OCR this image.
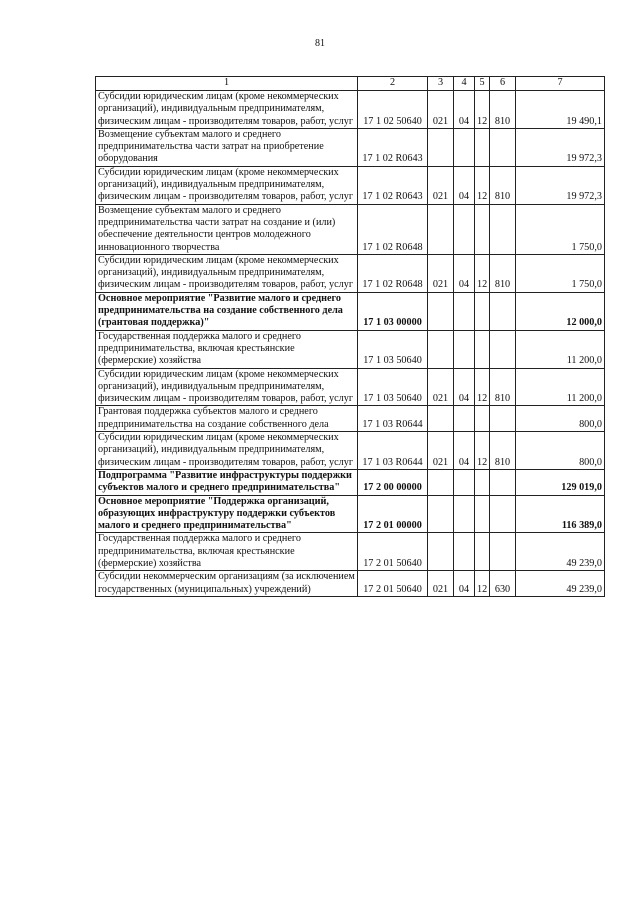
81
1	2	3	4	5	6	7
Субсидии юридическим лицам (кроме некоммерческих организаций), индивидуальным предпринимателям, физическим лицам - производителям товаров, работ, услуг	17 1 02 50640	021	04	12	810	19 490,1
Возмещение субъектам малого и среднего предпринимательства части затрат на приобретение оборудования	17 1 02 R0643					19 972,3
Субсидии юридическим лицам (кроме некоммерческих организаций), индивидуальным предпринимателям, физическим лицам - производителям товаров, работ, услуг	17 1 02 R0643	021	04	12	810	19 972,3
Возмещение субъектам малого и среднего предпринимательства части затрат на создание и (или) обеспечение деятельности центров молодежного инновационного творчества	17 1 02 R0648					1 750,0
Субсидии юридическим лицам (кроме некоммерческих организаций), индивидуальным предпринимателям, физическим лицам - производителям товаров, работ, услуг	17 1 02 R0648	021	04	12	810	1 750,0
Основное мероприятие "Развитие малого и среднего предпринимательства на создание собственного дела (грантовая поддержка)"	17 1 03 00000					12 000,0
Государственная поддержка малого и среднего предпринимательства, включая крестьянские (фермерские) хозяйства	17 1 03 50640					11 200,0
Субсидии юридическим лицам (кроме некоммерческих организаций), индивидуальным предпринимателям, физическим лицам - производителям товаров, работ, услуг	17 1 03 50640	021	04	12	810	11 200,0
Грантовая поддержка субъектов малого и среднего предпринимательства на создание собственного дела	17 1 03 R0644					800,0
Субсидии юридическим лицам (кроме некоммерческих организаций), индивидуальным предпринимателям, физическим лицам - производителям товаров, работ, услуг	17 1 03 R0644	021	04	12	810	800,0
Подпрограмма "Развитие инфраструктуры поддержки субъектов малого и среднего предпринимательства"	17 2 00 00000					129 019,0
Основное мероприятие "Поддержка организаций, образующих инфраструктуру поддержки субъектов малого и среднего предпринимательства"	17 2 01 00000					116 389,0
Государственная поддержка малого и среднего предпринимательства, включая крестьянские (фермерские) хозяйства	17 2 01 50640					49 239,0
Субсидии некоммерческим организациям (за исключением государственных (муниципальных) учреждений)	17 2 01 50640	021	04	12	630	49 239,0
